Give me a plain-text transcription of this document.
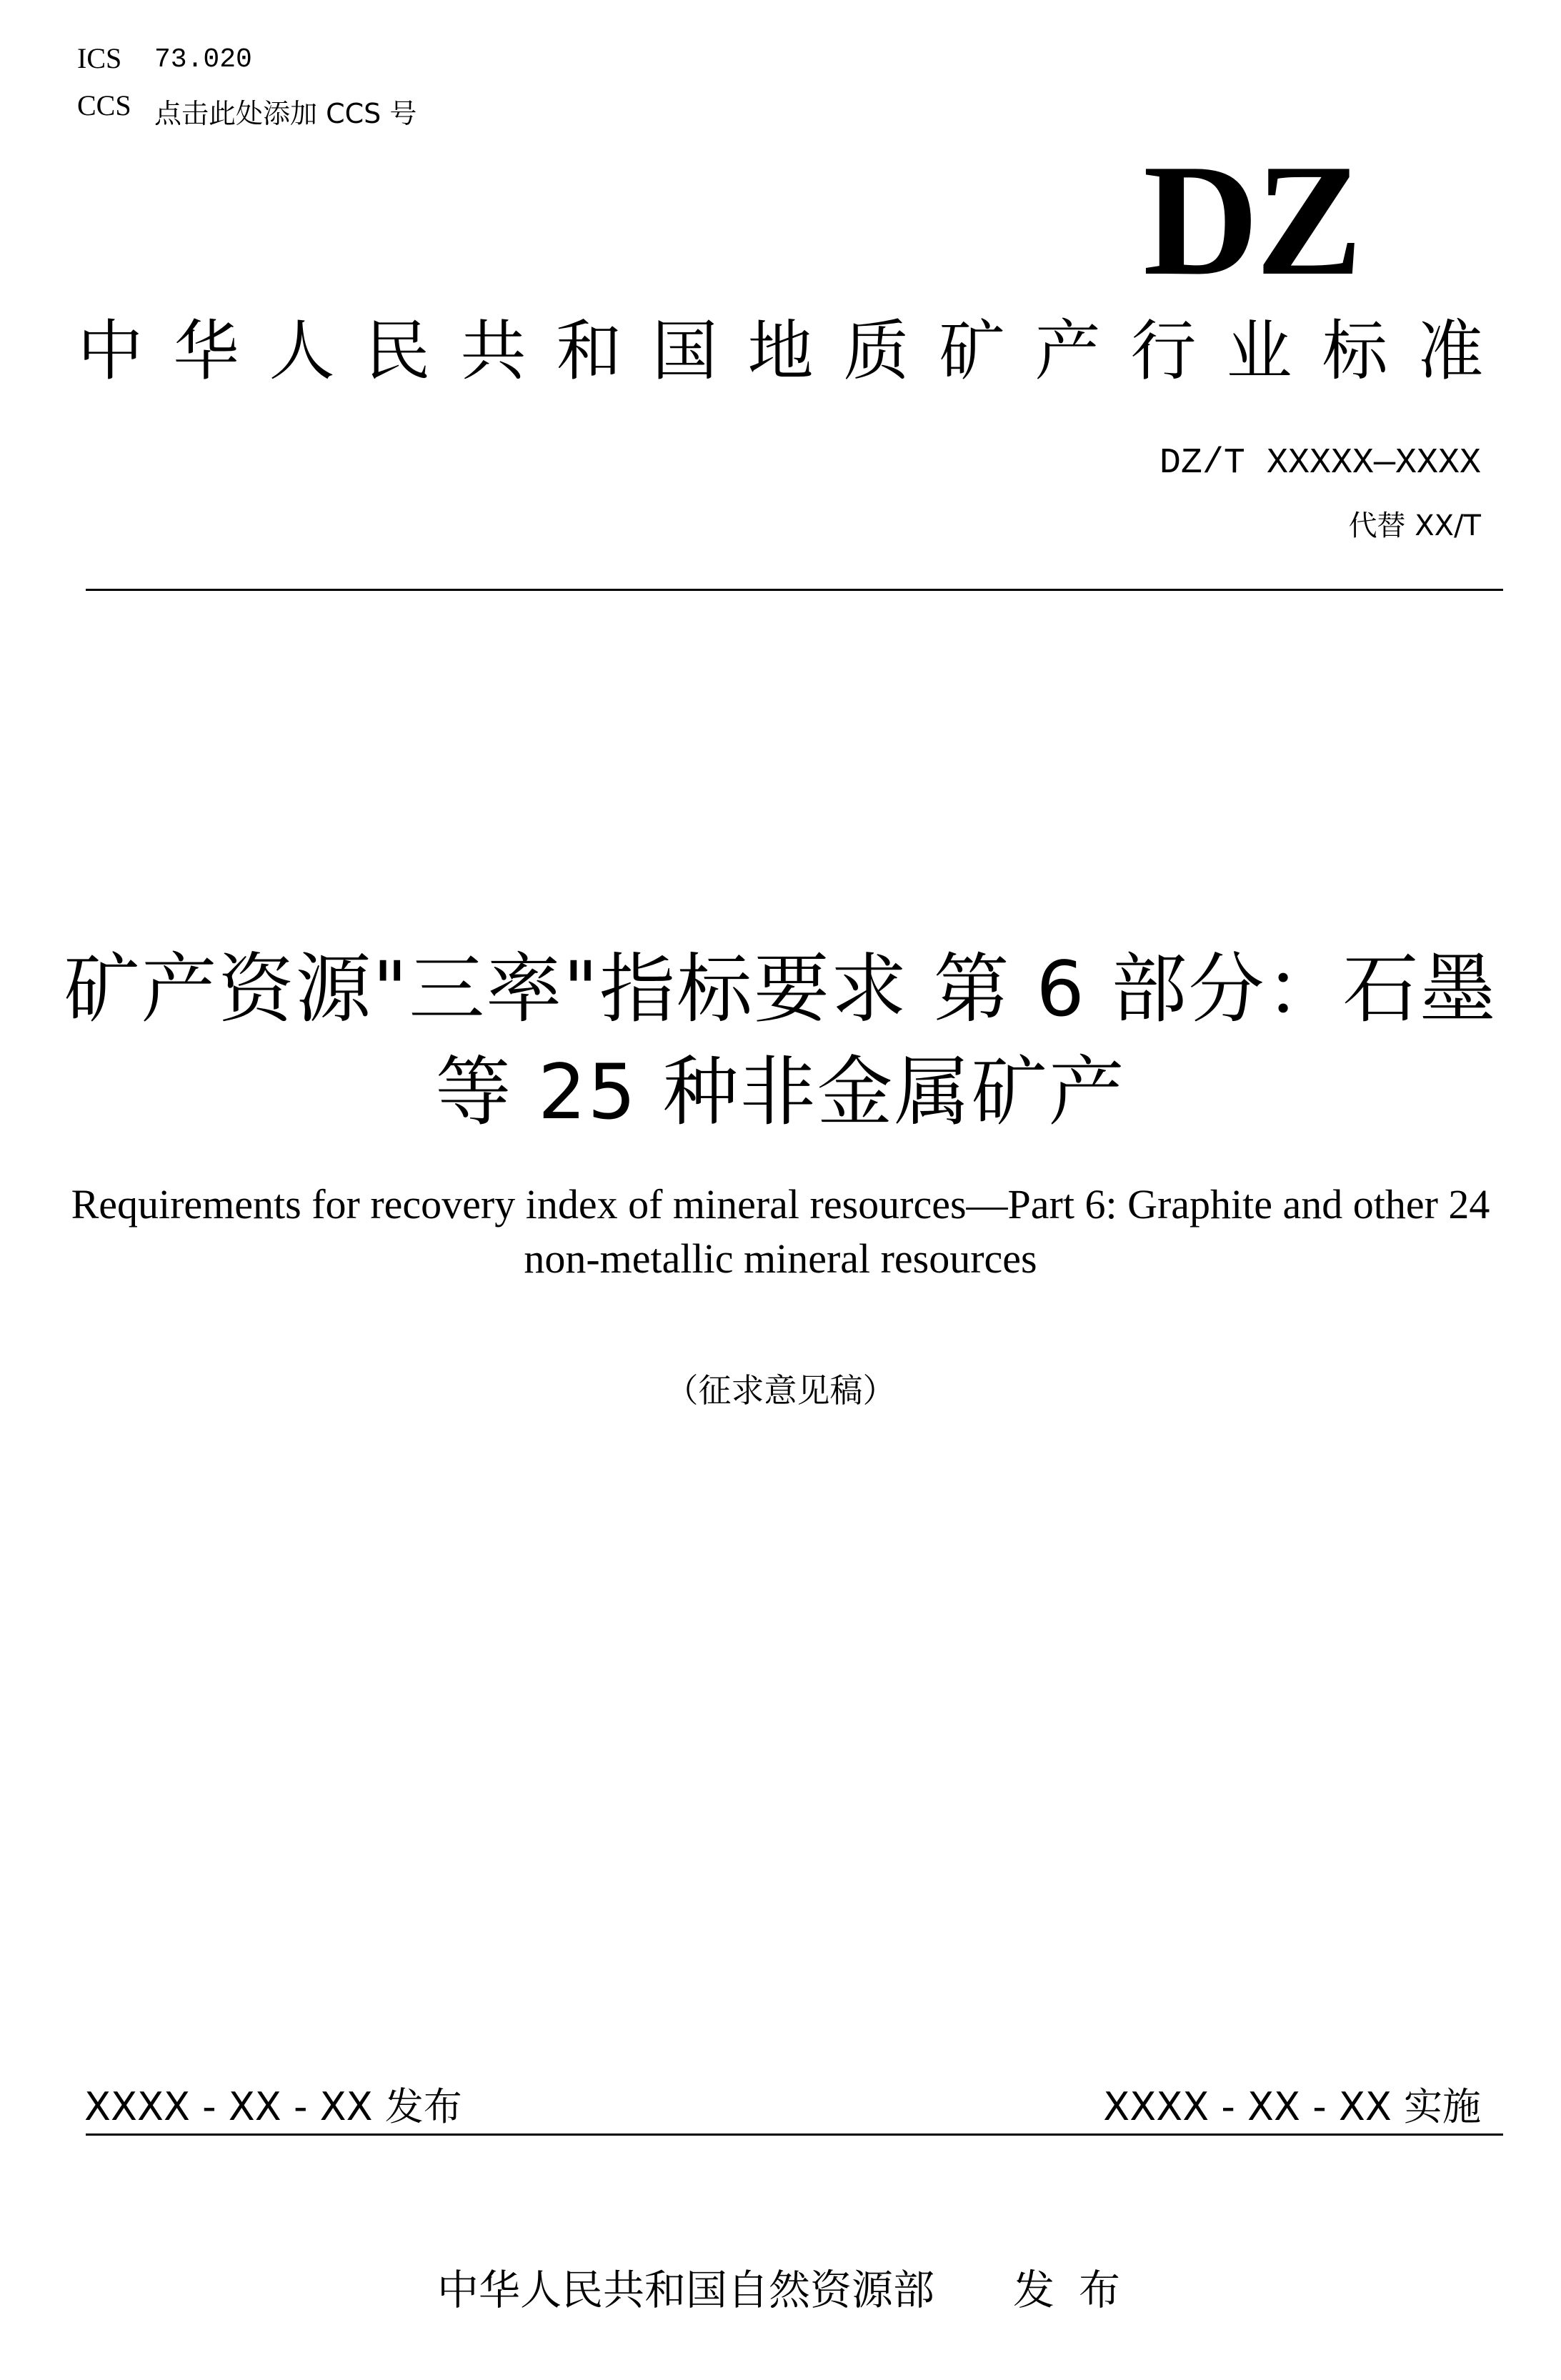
ICS 73.020
CCS 点击此处添加 CCS 号
DZ
中华人民共和国地质矿产行业标准
DZ/T XXXXX—XXXX
代替 XX/T
矿产资源"三率"指标要求 第 6 部分：石墨
等 25 种非金属矿产
Requirements for recovery index of mineral resources—Part 6: Graphite and other 24
non-metallic mineral resources
（征求意见稿）
XXXX - XX - XX 发布	XXXX - XX - XX 实施
中华人民共和国自然资源部 发布
